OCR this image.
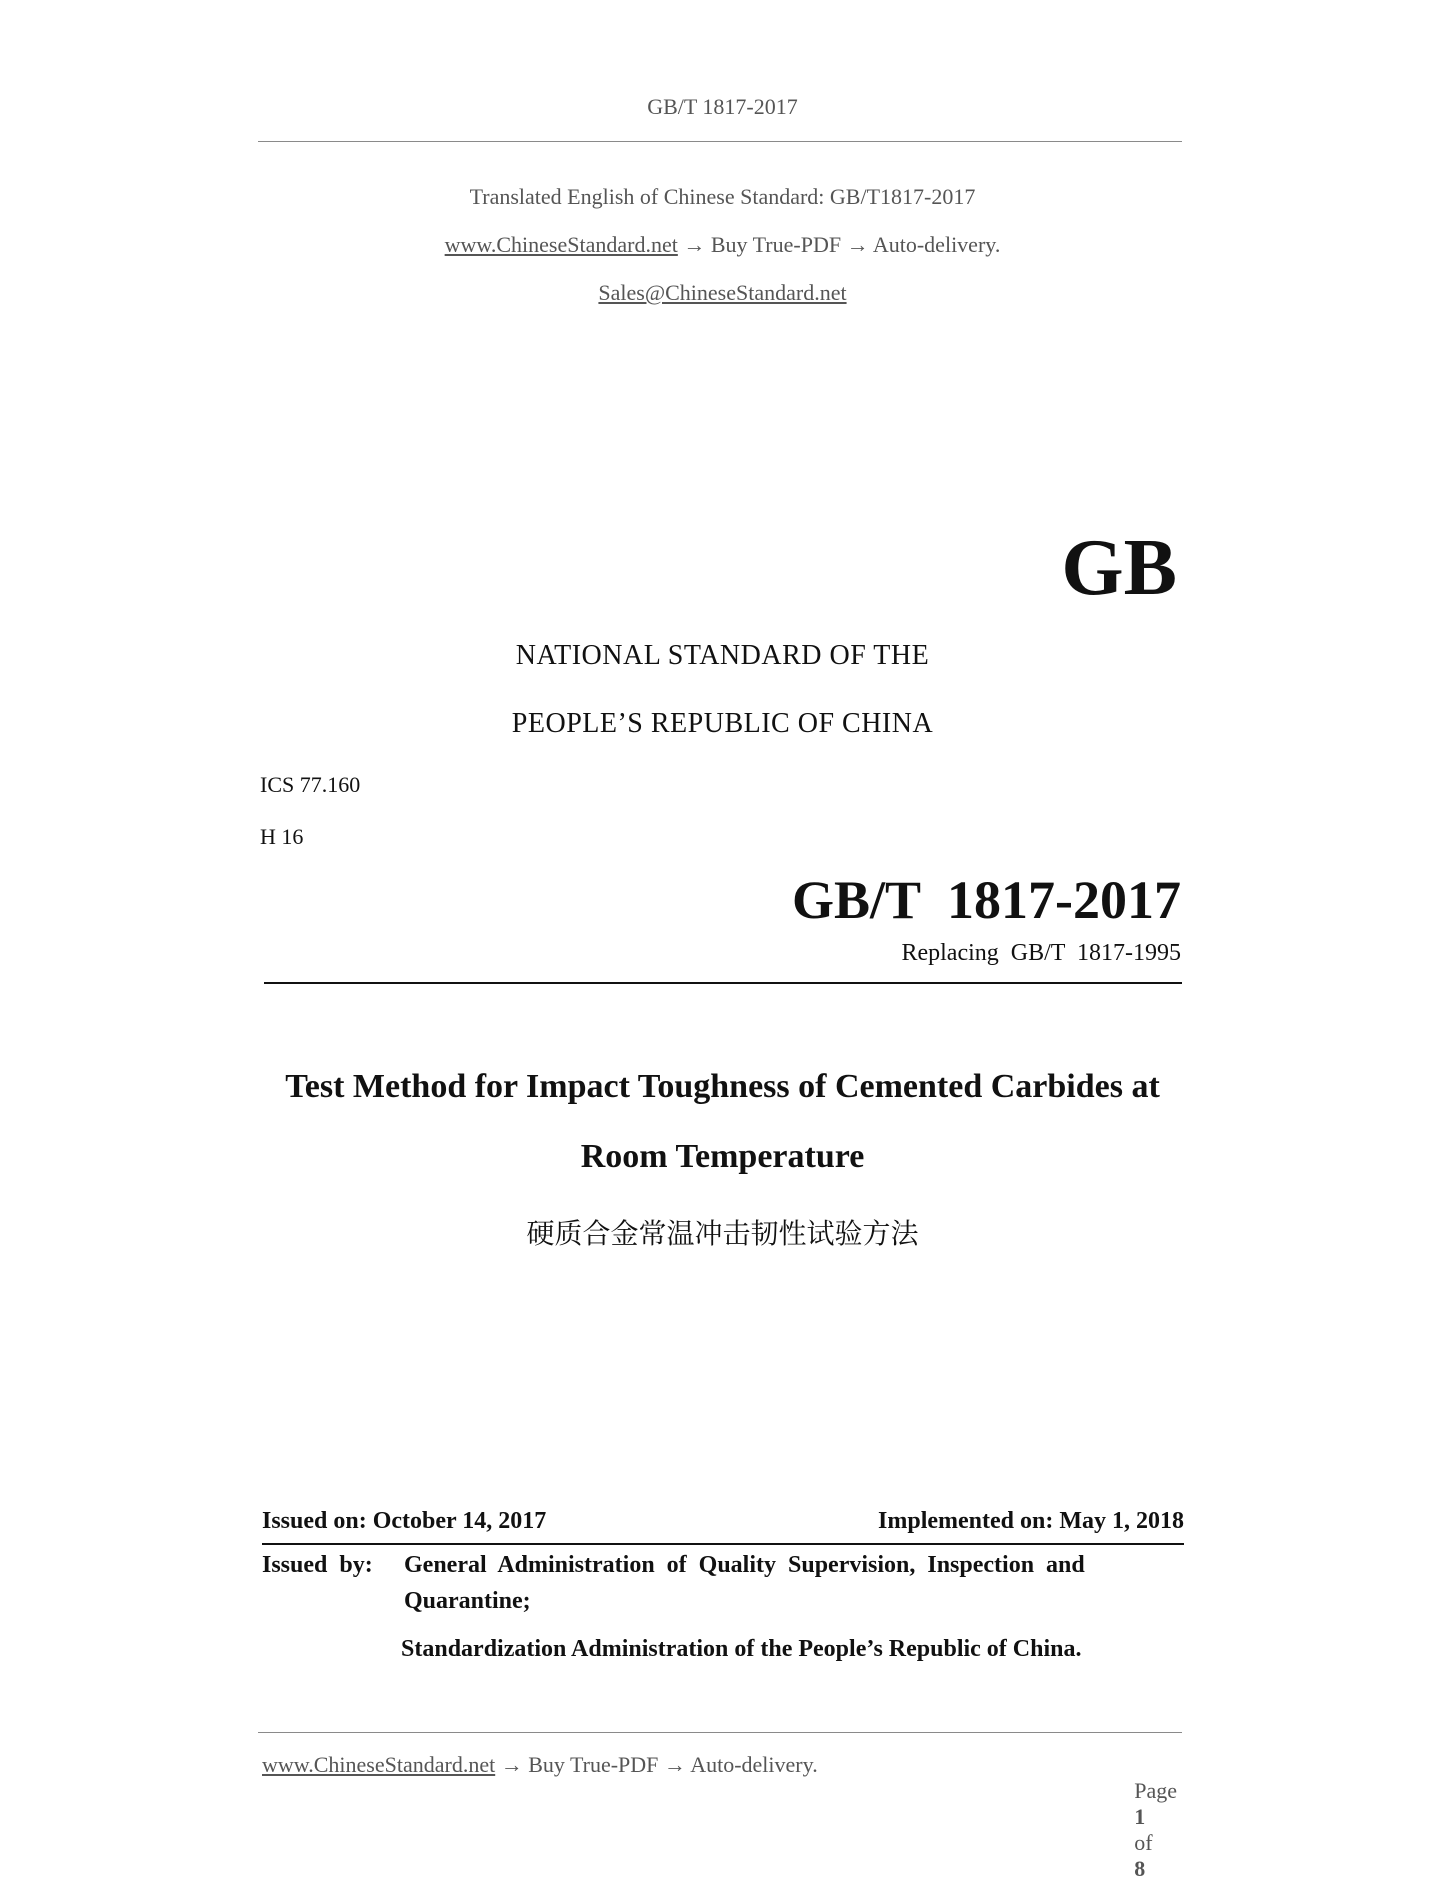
GB/T 1817-2017
Translated English of Chinese Standard: GB/T1817-2017
www.ChineseStandard.net → Buy True-PDF → Auto-delivery.
Sales@ChineseStandard.net
GB
NATIONAL STANDARD OF THE
PEOPLE’S REPUBLIC OF CHINA
ICS 77.160
H 16
GB/T  1817-2017
Replacing  GB/T  1817-1995
Test Method for Impact Toughness of Cemented Carbides at
Room Temperature
硬质合金常温冲击韧性试验方法
Issued on: October 14, 2017	Implemented on: May 1, 2018
Issued  by: General  Administration  of  Quality  Supervision,  Inspection  and
Quarantine;
Standardization Administration of the People’s Republic of China.
www.ChineseStandard.net → Buy True-PDF → Auto-delivery.

Page
1
of
8
